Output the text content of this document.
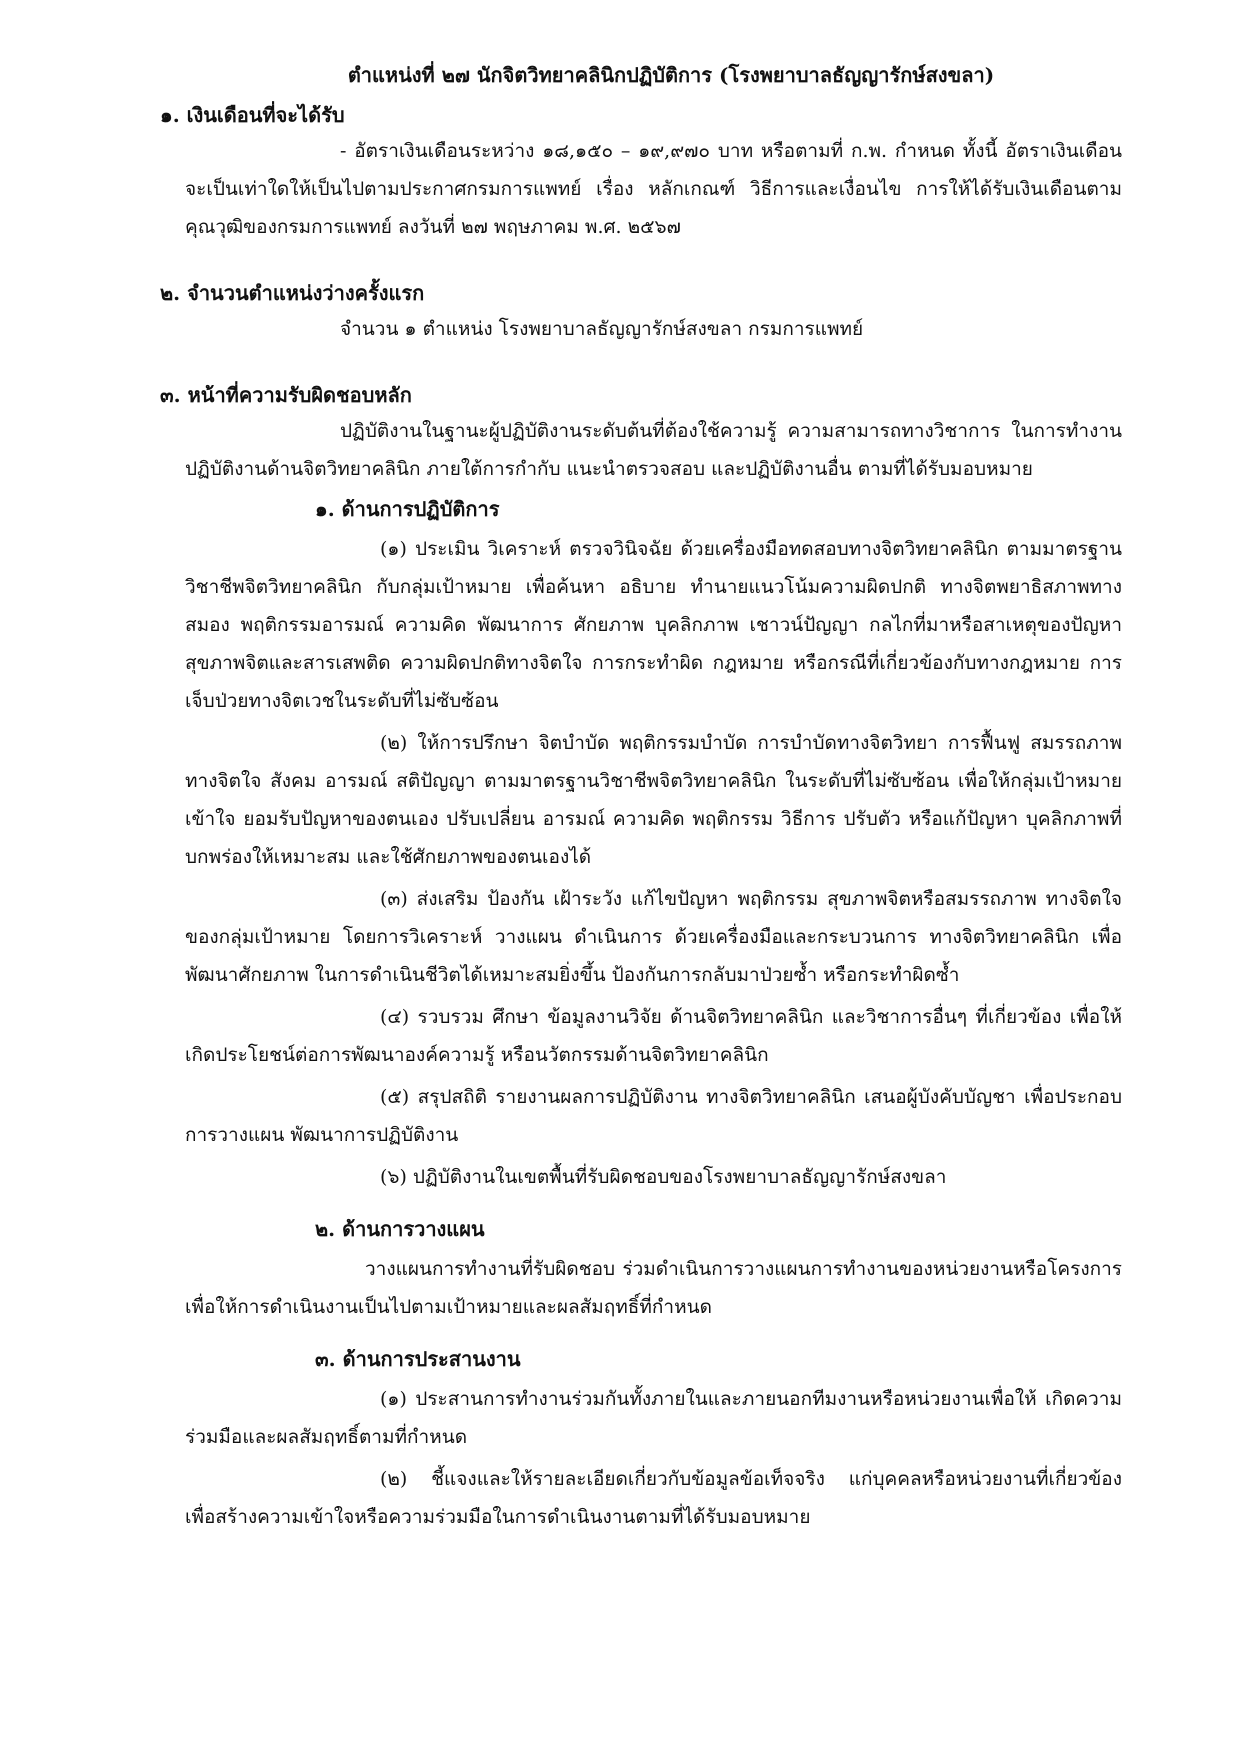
ตำแหน่งที่ ๒๗ นักจิตวิทยาคลินิกปฏิบัติการ (โรงพยาบาลธัญญารักษ์สงขลา)

๑. เงินเดือนที่จะได้รับ

- อัตราเงินเดือนระหว่าง ๑๘,๑๕๐ – ๑๙,๙๗๐ บาท หรือตามที่ ก.พ. กำหนด ทั้งนี้ อัตราเงินเดือน จะเป็นเท่าใดให้เป็นไปตามประกาศกรมการแพทย์ เรื่อง หลักเกณฑ์ วิธีการและเงื่อนไข การให้ได้รับเงินเดือนตามคุณวุฒิของกรมการแพทย์ ลงวันที่ ๒๗ พฤษภาคม พ.ศ. ๒๕๖๗

๒. จำนวนตำแหน่งว่างครั้งแรก

จำนวน ๑ ตำแหน่ง โรงพยาบาลธัญญารักษ์สงขลา กรมการแพทย์

๓. หน้าที่ความรับผิดชอบหลัก

ปฏิบัติงานในฐานะผู้ปฏิบัติงานระดับต้นที่ต้องใช้ความรู้ ความสามารถทางวิชาการ ในการทำงาน ปฏิบัติงานด้านจิตวิทยาคลินิก ภายใต้การกำกับ แนะนำตรวจสอบ และปฏิบัติงานอื่น ตามที่ได้รับมอบหมาย

๑. ด้านการปฏิบัติการ

(๑) ประเมิน วิเคราะห์ ตรวจวินิจฉัย ด้วยเครื่องมือทดสอบทางจิตวิทยาคลินิก ตามมาตรฐานวิชาชีพจิตวิทยาคลินิก กับกลุ่มเป้าหมาย เพื่อค้นหา อธิบาย ทำนายแนวโน้มความผิดปกติ ทางจิตพยาธิสภาพทางสมอง พฤติกรรมอารมณ์ ความคิด พัฒนาการ ศักยภาพ บุคลิกภาพ เชาวน์ปัญญา กลไกที่มาหรือสาเหตุของปัญหาสุขภาพจิตและสารเสพติด ความผิดปกติทางจิตใจ การกระทำผิด กฎหมาย หรือกรณีที่เกี่ยวข้องกับทางกฎหมาย การเจ็บป่วยทางจิตเวชในระดับที่ไม่ซับซ้อน

(๒) ให้การปรึกษา จิตบำบัด พฤติกรรมบำบัด การบำบัดทางจิตวิทยา การฟื้นฟู สมรรถภาพทางจิตใจ สังคม อารมณ์ สติปัญญา ตามมาตรฐานวิชาชีพจิตวิทยาคลินิก ในระดับที่ไม่ซับซ้อน เพื่อให้กลุ่มเป้าหมายเข้าใจ ยอมรับปัญหาของตนเอง ปรับเปลี่ยน อารมณ์ ความคิด พฤติกรรม วิธีการ ปรับตัว หรือแก้ปัญหา บุคลิกภาพที่บกพร่องให้เหมาะสม และใช้ศักยภาพของตนเองได้

(๓) ส่งเสริม ป้องกัน เฝ้าระวัง แก้ไขปัญหา พฤติกรรม สุขภาพจิตหรือสมรรถภาพ ทางจิตใจของกลุ่มเป้าหมาย โดยการวิเคราะห์ วางแผน ดำเนินการ ด้วยเครื่องมือและกระบวนการ ทางจิตวิทยาคลินิก เพื่อพัฒนาศักยภาพ ในการดำเนินชีวิตได้เหมาะสมยิ่งขึ้น ป้องกันการกลับมาป่วยซ้ำ หรือกระทำผิดซ้ำ

(๔) รวบรวม ศึกษา ข้อมูลงานวิจัย ด้านจิตวิทยาคลินิก และวิชาการอื่นๆ ที่เกี่ยวข้อง เพื่อให้เกิดประโยชน์ต่อการพัฒนาองค์ความรู้ หรือนวัตกรรมด้านจิตวิทยาคลินิก

(๕) สรุปสถิติ รายงานผลการปฏิบัติงาน ทางจิตวิทยาคลินิก เสนอผู้บังคับบัญชา เพื่อประกอบการวางแผน พัฒนาการปฏิบัติงาน

(๖) ปฏิบัติงานในเขตพื้นที่รับผิดชอบของโรงพยาบาลธัญญารักษ์สงขลา

๒. ด้านการวางแผน

วางแผนการทำงานที่รับผิดชอบ ร่วมดำเนินการวางแผนการทำงานของหน่วยงานหรือโครงการ เพื่อให้การดำเนินงานเป็นไปตามเป้าหมายและผลสัมฤทธิ์ที่กำหนด

๓. ด้านการประสานงาน

(๑) ประสานการทำงานร่วมกันทั้งภายในและภายนอกทีมงานหรือหน่วยงานเพื่อให้ เกิดความร่วมมือและผลสัมฤทธิ์ตามที่กำหนด

(๒) ชี้แจงและให้รายละเอียดเกี่ยวกับข้อมูลข้อเท็จจริง แก่บุคคลหรือหน่วยงานที่เกี่ยวข้อง เพื่อสร้างความเข้าใจหรือความร่วมมือในการดำเนินงานตามที่ได้รับมอบหมาย
